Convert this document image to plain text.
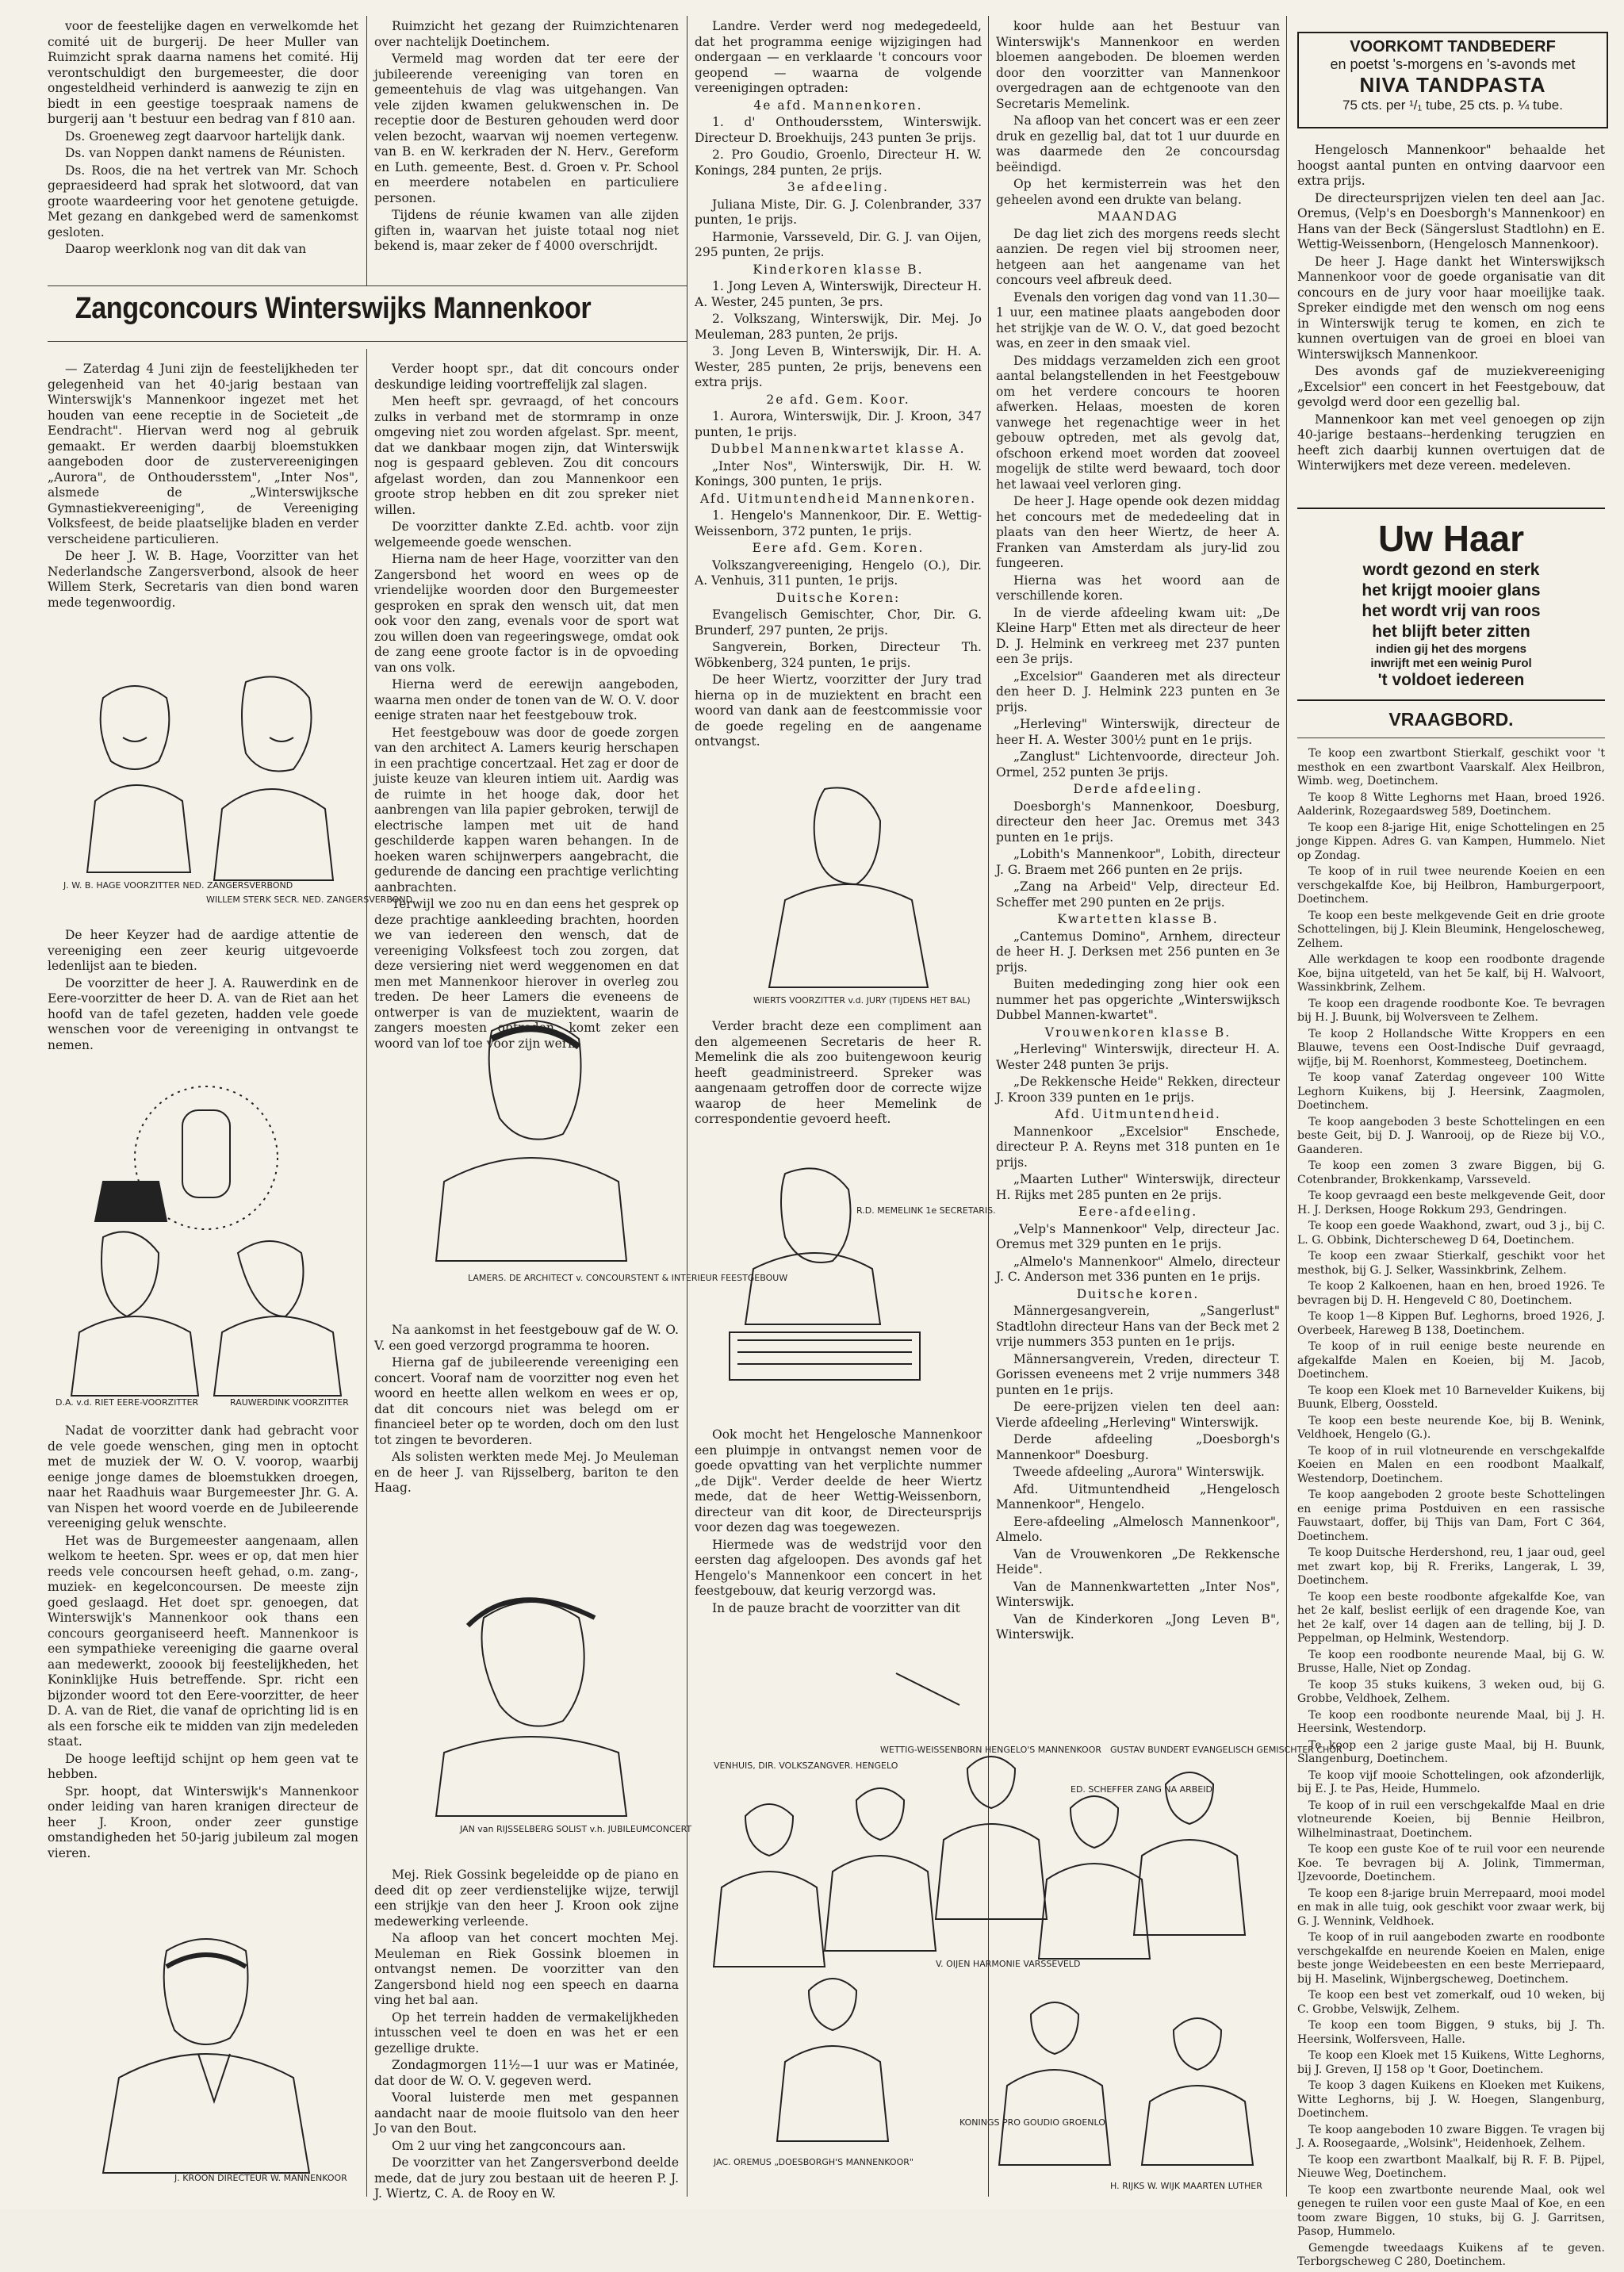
voor de feestelijke dagen en verwelkomde het comité uit de burgerij. De heer Muller van Ruimzicht sprak daarna namens het comité. Hij verontschuldigt den burgemeester, die door ongesteldheid verhinderd is aanwezig te zijn en biedt in een geestige toespraak namens de burgerij aan 't bestuur een bedrag van f 810 aan.

Ds. Groeneweg zegt daarvoor hartelijk dank.

Ds. van Noppen dankt namens de Réunisten.

Ds. Roos, die na het vertrek van Mr. Schoch gepraesideerd had sprak het slotwoord, dat van groote waardeering voor het genotene getuigde. Met gezang en dankgebed werd de samenkomst gesloten.

Daarop weerklonk nog van dit dak van

Ruimzicht het gezang der Ruimzichtenaren over nachtelijk Doetinchem.

Vermeld mag worden dat ter eere der jubileerende vereeniging van toren en gemeentehuis de vlag was uitgehangen. Van vele zijden kwamen gelukwenschen in. De receptie door de Besturen gehouden werd door velen bezocht, waarvan wij noemen vertegenw. van B. en W. kerkraden der N. Herv., Gereform en Luth. gemeente, Best. d. Groen v. Pr. School en meerdere notabelen en particuliere personen.

Tijdens de réunie kwamen van alle zijden giften in, waarvan het juiste totaal nog niet bekend is, maar zeker de f 4000 overschrijdt.

Zangconcours Winterswijks Mannenkoor

— Zaterdag 4 Juni zijn de feestelijkheden ter gelegenheid van het 40-jarig bestaan van Winterswijk's Mannenkoor ingezet met het houden van eene receptie in de Societeit „de Eendracht". Hiervan werd nog al gebruik gemaakt. Er werden daarbij bloemstukken aangeboden door de zustervereenigingen „Aurora", de Onthoudersstem", „Inter Nos", alsmede de „Winterswijksche Gymnastiekvereeniging", de Vereeniging Volksfeest, de beide plaatselijke bladen en verder verscheidene particulieren.

De heer J. W. B. Hage, Voorzitter van het Nederlandsche Zangersverbond, alsook de heer Willem Sterk, Secretaris van dien bond waren mede tegenwoordig.

J. W. B. HAGE VOORZITTER NED. ZANGERSVERBOND
WILLEM STERK SECR. NED. ZANGERSVERBOND

De heer Keyzer had de aardige attentie de vereeniging een zeer keurig uitgevoerde ledenlijst aan te bieden.

De voorzitter de heer J. A. Rauwerdink en de Eere-voorzitter de heer D. A. van de Riet aan het hoofd van de tafel gezeten, hadden vele goede wenschen voor de vereeniging in ontvangst te nemen.

D.A. v.d. RIET EERE-VOORZITTER	RAUWERDINK VOORZITTER

Nadat de voorzitter dank had gebracht voor de vele goede wenschen, ging men in optocht met de muziek der W. O. V. voorop, waarbij eenige jonge dames de bloemstukken droegen, naar het Raadhuis waar Burgemeester Jhr. G. A. van Nispen het woord voerde en de Jubileerende vereeniging geluk wenschte.

Het was de Burgemeester aangenaam, allen welkom te heeten. Spr. wees er op, dat men hier reeds vele concoursen heeft gehad, o.m. zang-, muziek- en kegelconcoursen. De meeste zijn goed geslaagd. Het doet spr. genoegen, dat Winterswijk's Mannenkoor ook thans een concours georganiseerd heeft. Mannenkoor is een sympathieke vereeniging die gaarne overal aan medewerkt, zooook bij feestelijkheden, het Koninklijke Huis betreffende. Spr. richt een bijzonder woord tot den Eere-voorzitter, de heer D. A. van de Riet, die vanaf de oprichting lid is en als een forsche eik te midden van zijn medeleden staat.

De hooge leeftijd schijnt op hem geen vat te hebben.

Spr. hoopt, dat Winterswijk's Mannenkoor onder leiding van haren kranigen directeur de heer J. Kroon, onder zeer gunstige omstandigheden het 50-jarig jubileum zal mogen vieren.

J. KROON DIRECTEUR W. MANNENKOOR

Verder hoopt spr., dat dit concours onder deskundige leiding voortreffelijk zal slagen.

Men heeft spr. gevraagd, of het concours zulks in verband met de stormramp in onze omgeving niet zou worden afgelast. Spr. meent, dat we dankbaar mogen zijn, dat Winterswijk nog is gespaard gebleven. Zou dit concours afgelast worden, dan zou Mannenkoor een groote strop hebben en dit zou spreker niet willen.

De voorzitter dankte Z.Ed. achtb. voor zijn welgemeende goede wenschen.

Hierna nam de heer Hage, voorzitter van den Zangersbond het woord en wees op de vriendelijke woorden door den Burgemeester gesproken en sprak den wensch uit, dat men ook voor den zang, evenals voor de sport wat zou willen doen van regeeringswege, omdat ook de zang eene groote factor is in de opvoeding van ons volk.

Hierna werd de eerewijn aangeboden, waarna men onder de tonen van de W. O. V. door eenige straten naar het feestgebouw trok.

Het feestgebouw was door de goede zorgen van den architect A. Lamers keurig herschapen in een prachtige concertzaal. Het zag er door de juiste keuze van kleuren intiem uit. Aardig was de ruimte in het hooge dak, door het aanbrengen van lila papier gebroken, terwijl de electrische lampen met uit de hand geschilderde kappen waren behangen. In de hoeken waren schijnwerpers aangebracht, die gedurende de dancing een prachtige verlichting aanbrachten.

Terwijl we zoo nu en dan eens het gesprek op deze prachtige aankleeding brachten, hoorden we van iedereen den wensch, dat de vereeniging Volksfeest toch zou zorgen, dat deze versiering niet werd weggenomen en dat men met Mannenkoor hierover in overleg zou treden. De heer Lamers die eveneens de ontwerper is van de muziektent, waarin de zangers moesten optreden, komt zeker een woord van lof toe voor zijn werk.

LAMERS. DE ARCHITECT v. CONCOURSTENT & INTERIEUR FEESTGEBOUW

Na aankomst in het feestgebouw gaf de W. O. V. een goed verzorgd programma te hooren.

Hierna gaf de jubileerende vereeniging een concert. Vooraf nam de voorzitter nog even het woord en heette allen welkom en wees er op, dat dit concours niet was belegd om er financieel beter op te worden, doch om den lust tot zingen te bevorderen.

Als solisten werkten mede Mej. Jo Meuleman en de heer J. van Rijsselberg, bariton te den Haag.

JAN van RIJSSELBERG SOLIST v.h. JUBILEUMCONCERT

Mej. Riek Gossink begeleidde op de piano en deed dit op zeer verdienstelijke wijze, terwijl een strijkje van den heer J. Kroon ook zijne medewerking verleende.

Na afloop van het concert mochten Mej. Meuleman en Riek Gossink bloemen in ontvangst nemen. De voorzitter van den Zangersbond hield nog een speech en daarna ving het bal aan.

Op het terrein hadden de vermakelijkheden intusschen veel te doen en was het er een gezellige drukte.

Zondagmorgen 11½—1 uur was er Matinée, dat door de W. O. V. gegeven werd.

Vooral luisterde men met gespannen aandacht naar de mooie fluitsolo van den heer Jo van den Bout.

Om 2 uur ving het zangconcours aan.

De voorzitter van het Zangersverbond deelde mede, dat de jury zou bestaan uit de heeren P. J. J. Wiertz, C. A. de Rooy en W.

Landre. Verder werd nog medegedeeld, dat het programma eenige wijzigingen had ondergaan — en verklaarde 't concours voor geopend — waarna de volgende vereenigingen optraden:

4e afd. Mannenkoren.

1. d' Onthoudersstem, Winterswijk. Directeur D. Broekhuijs, 243 punten 3e prijs.

2. Pro Goudio, Groenlo, Directeur H. W. Konings, 284 punten, 2e prijs.

3e afdeeling.

Juliana Miste, Dir. G. J. Colenbrander, 337 punten, 1e prijs.

Harmonie, Varsseveld, Dir. G. J. van Oijen, 295 punten, 2e prijs.

Kinderkoren klasse B.

1. Jong Leven A, Winterswijk, Directeur H. A. Wester, 245 punten, 3e prs.

2. Volkszang, Winterswijk, Dir. Mej. Jo Meuleman, 283 punten, 2e prijs.

3. Jong Leven B, Winterswijk, Dir. H. A. Wester, 285 punten, 2e prijs, benevens een extra prijs.

2e afd. Gem. Koor.

1. Aurora, Winterswijk, Dir. J. Kroon, 347 punten, 1e prijs.

Dubbel Mannenkwartet klasse A.

„Inter Nos", Winterswijk, Dir. H. W. Konings, 300 punten, 1e prijs.

Afd. Uitmuntendheid Mannenkoren.

1. Hengelo's Mannenkoor, Dir. E. Wettig-Weissenborn, 372 punten, 1e prijs.

Eere afd. Gem. Koren.

Volkszangvereeniging, Hengelo (O.), Dir. A. Venhuis, 311 punten, 1e prijs.

Duitsche Koren:

Evangelisch Gemischter, Chor, Dir. G. Brunderf, 297 punten, 2e prijs.

Sangverein, Borken, Directeur Th. Wöbkenberg, 324 punten, 1e prijs.

De heer Wiertz, voorzitter der Jury trad hierna op in de muziektent en bracht een woord van dank aan de feestcommissie voor de goede regeling en de aangename ontvangst.

WIERTS VOORZITTER v.d. JURY (TIJDENS HET BAL)

Verder bracht deze een compliment aan den algemeenen Secretaris de heer R. Memelink die als zoo buitengewoon keurig heeft geadministreerd. Spreker was aangenaam getroffen door de correcte wijze waarop de heer Memelink de correspondentie gevoerd heeft.

R.D. MEMELINK 1e SECRETARIS.

Ook mocht het Hengelosche Mannenkoor een pluimpje in ontvangst nemen voor de goede opvatting van het verplichte nummer „de Dijk". Verder deelde de heer Wiertz mede, dat de heer Wettig-Weissenborn, directeur van dit koor, de Directeursprijs voor dezen dag was toegewezen.

Hiermede was de wedstrijd voor den eersten dag afgeloopen. Des avonds gaf het Hengelo's Mannenkoor een concert in het feestgebouw, dat keurig verzorgd was.

In de pauze bracht de voorzitter van dit

VENHUIS, DIR. VOLKSZANGVER. HENGELO
WETTIG-WEISSENBORN HENGELO'S MANNENKOOR GUSTAV BUNDERT EVANGELISCH GEMISCHTER CHOR
ED. SCHEFFER ZANG NA ARBEID
V. OIJEN HARMONIE VARSSEVELD
JAC. OREMUS „DOESBORGH'S MANNENKOOR"
KONINGS PRO GOUDIO GROENLO
H. RIJKS W. WIJK MAARTEN LUTHER

koor hulde aan het Bestuur van Winterswijk's Mannenkoor en werden bloemen aangeboden. De bloemen werden door den voorzitter van Mannenkoor overgedragen aan de echtgenoote van den Secretaris Memelink.

Na afloop van het concert was er een zeer druk en gezellig bal, dat tot 1 uur duurde en was daarmede den 2e concoursdag beëindigd.

Op het kermisterrein was het den geheelen avond een drukte van belang.

MAANDAG

De dag liet zich des morgens reeds slecht aanzien. De regen viel bij stroomen neer, hetgeen aan het aangename van het concours veel afbreuk deed.

Evenals den vorigen dag vond van 11.30—1 uur, een matinee plaats aangeboden door het strijkje van de W. O. V., dat goed bezocht was, en zeer in den smaak viel.

Des middags verzamelden zich een groot aantal belangstellenden in het Feestgebouw om het verdere concours te hooren afwerken. Helaas, moesten de koren vanwege het regenachtige weer in het gebouw optreden, met als gevolg dat, ofschoon erkend moet worden dat zooveel mogelijk de stilte werd bewaard, toch door het lawaai veel verloren ging.

De heer J. Hage opende ook dezen middag het concours met de mededeeling dat in plaats van den heer Wiertz, de heer A. Franken van Amsterdam als jury-lid zou fungeeren.

Hierna was het woord aan de verschillende koren.

In de vierde afdeeling kwam uit: „De Kleine Harp" Etten met als directeur de heer D. J. Helmink en verkreeg met 237 punten een 3e prijs.

„Excelsior" Gaanderen met als directeur den heer D. J. Helmink 223 punten en 3e prijs.

„Herleving" Winterswijk, directeur de heer H. A. Wester 300½ punt en 1e prijs.

„Zanglust" Lichtenvoorde, directeur Joh. Ormel, 252 punten 3e prijs.

Derde afdeeling.

Doesborgh's Mannenkoor, Doesburg, directeur den heer Jac. Oremus met 343 punten en 1e prijs.

„Lobith's Mannenkoor", Lobith, directeur J. G. Braem met 266 punten en 2e prijs.

„Zang na Arbeid" Velp, directeur Ed. Scheffer met 290 punten en 2e prijs.

Kwartetten klasse B.

„Cantemus Domino", Arnhem, directeur de heer H. J. Derksen met 256 punten en 3e prijs.

Buiten mededinging zong hier ook een nummer het pas opgerichte „Winterswijksch Dubbel Mannen-kwartet".

Vrouwenkoren klasse B.

„Herleving" Winterswijk, directeur H. A. Wester 248 punten 3e prijs.

„De Rekkensche Heide" Rekken, directeur J. Kroon 339 punten en 1e prijs.

Afd. Uitmuntendheid.

Mannenkoor „Excelsior" Enschede, directeur P. A. Reyns met 318 punten en 1e prijs.

„Maarten Luther" Winterswijk, directeur H. Rijks met 285 punten en 2e prijs.

Eere-afdeeling.

„Velp's Mannenkoor" Velp, directeur Jac. Oremus met 329 punten en 1e prijs.

„Almelo's Mannenkoor" Almelo, directeur J. C. Anderson met 336 punten en 1e prijs.

Duitsche koren.

Männergesangverein, „Sangerlust" Stadtlohn directeur Hans van der Beck met 2 vrije nummers 353 punten en 1e prijs.

Männersangverein, Vreden, directeur T. Gorissen eveneens met 2 vrije nummers 348 punten en 1e prijs.

De eere-prijzen vielen ten deel aan: Vierde afdeeling „Herleving" Winterswijk.

Derde afdeeling „Doesborgh's Mannenkoor" Doesburg.

Tweede afdeeling „Aurora" Winterswijk.

Afd. Uitmuntendheid „Hengelosch Mannenkoor", Hengelo.

Eere-afdeeling „Almelosch Mannenkoor", Almelo.

Van de Vrouwenkoren „De Rekkensche Heide".

Van de Mannenkwartetten „Inter Nos", Winterswijk.

Van de Kinderkoren „Jong Leven B", Winterswijk.

VOORKOMT TANDBEDERF
en poetst 's-morgens en 's-avonds met
NIVA TANDPASTA
75 cts. per ¹/₁ tube, 25 cts. p. ¼ tube.

Hengelosch Mannenkoor" behaalde het hoogst aantal punten en ontving daarvoor een extra prijs.

De directeursprijzen vielen ten deel aan Jac. Oremus, (Velp's en Doesborgh's Mannenkoor) en Hans van der Beck (Sängerslust Stadtlohn) en E. Wettig-Weissenborn, (Hengelosch Mannenkoor).

De heer J. Hage dankt het Winterswijksch Mannenkoor voor de goede organisatie van dit concours en de jury voor haar moeilijke taak. Spreker eindigde met den wensch om nog eens in Winterswijk terug te komen, en zich te kunnen overtuigen van de groei en bloei van Winterswijksch Mannenkoor.

Des avonds gaf de muziekvereeniging „Excelsior" een concert in het Feestgebouw, dat gevolgd werd door een gezellig bal.

Mannenkoor kan met veel genoegen op zijn 40-jarige bestaans--herdenking terugzien en heeft zich daarbij kunnen overtuigen dat de Winterwijkers met deze vereen. medeleven.

Uw Haar
wordt gezond en sterk
het krijgt mooier glans
het wordt vrij van roos
het blijft beter zitten
indien gij het des morgens
inwrijft met een weinig Purol
't voldoet iedereen
VRAAGBORD.

Te koop een zwartbont Stierkalf, geschikt voor 't mesthok en een zwartbont Vaarskalf. Alex Heilbron, Wimb. weg, Doetinchem.

Te koop 8 Witte Leghorns met Haan, broed 1926. Aalderink, Rozegaardsweg 589, Doetinchem.

Te koop een 8-jarige Hit, enige Schottelingen en 25 jonge Kippen. Adres G. van Kampen, Hummelo. Niet op Zondag.

Te koop of in ruil twee neurende Koeien en een verschgekalfde Koe, bij Heilbron, Hamburgerpoort, Doetinchem.

Te koop een beste melkgevende Geit en drie groote Schottelingen, bij J. Klein Bleumink, Hengeloscheweg, Zelhem.

Alle werkdagen te koop een roodbonte dragende Koe, bijna uitgeteld, van het 5e kalf, bij H. Walvoort, Wassinkbrink, Zelhem.

Te koop een dragende roodbonte Koe. Te bevragen bij H. J. Buunk, bij Wolversveen te Zelhem.

Te koop 2 Hollandsche Witte Kroppers en een Blauwe, tevens een Oost-Indische Duif gevraagd, wijfje, bij M. Roenhorst, Kommesteeg, Doetinchem.

Te koop vanaf Zaterdag ongeveer 100 Witte Leghorn Kuikens, bij J. Heersink, Zaagmolen, Doetinchem.

Te koop aangeboden 3 beste Schottelingen en een beste Geit, bij D. J. Wanrooij, op de Rieze bij V.O., Gaanderen.

Te koop een zomen 3 zware Biggen, bij G. Cotenbrander, Brokkenkamp, Varsseveld.

Te koop gevraagd een beste melkgevende Geit, door H. J. Derksen, Hooge Rokkum 293, Gendringen.

Te koop een goede Waakhond, zwart, oud 3 j., bij C. L. G. Obbink, Dichterscheweg D 64, Doetinchem.

Te koop een zwaar Stierkalf, geschikt voor het mesthok, bij G. J. Selker, Wassinkbrink, Zelhem.

Te koop 2 Kalkoenen, haan en hen, broed 1926. Te bevragen bij D. H. Hengeveld C 80, Doetinchem.

Te koop 1—8 Kippen Buf. Leghorns, broed 1926, J. Overbeek, Hareweg B 138, Doetinchem.

Te koop of in ruil eenige beste neurende en afgekalfde Malen en Koeien, bij M. Jacob, Doetinchem.

Te koop een Kloek met 10 Barnevelder Kuikens, bij Buunk, Elberg, Oossteld.

Te koop een beste neurende Koe, bij B. Wenink, Veldhoek, Hengelo (G.).

Te koop of in ruil vlotneurende en verschgekalfde Koeien en Malen en een roodbont Maalkalf, Westendorp, Doetinchem.

Te koop aangeboden 2 groote beste Schottelingen en eenige prima Postduiven en een rassische Fauwstaart, doffer, bij Thijs van Dam, Fort C 364, Doetinchem.

Te koop Duitsche Herdershond, reu, 1 jaar oud, geel met zwart kop, bij R. Freriks, Langerak, L 39, Doetinchem.

Te koop een beste roodbonte afgekalfde Koe, van het 2e kalf, beslist eerlijk of een dragende Koe, van het 2e kalf, over 14 dagen aan de telling, bij J. D. Peppelman, op Helmink, Westendorp.

Te koop een roodbonte neurende Maal, bij G. W. Brusse, Halle, Niet op Zondag.

Te koop 35 stuks kuikens, 3 weken oud, bij G. Grobbe, Veldhoek, Zelhem.

Te koop een roodbonte neurende Maal, bij J. H. Heersink, Westendorp.

Te koop een 2 jarige guste Maal, bij H. Buunk, Slangenburg, Doetinchem.

Te koop vijf mooie Schottelingen, ook afzonderlijk, bij E. J. te Pas, Heide, Hummelo.

Te koop of in ruil een verschgekalfde Maal en drie vlotneurende Koeien, bij Bennie Heilbron, Wilhelminastraat, Doetinchem.

Te koop een guste Koe of te ruil voor een neurende Koe. Te bevragen bij A. Jolink, Timmerman, IJzevoorde, Doetinchem.

Te koop een 8-jarige bruin Merrepaard, mooi model en mak in alle tuig, ook geschikt voor zwaar werk, bij G. J. Wennink, Veldhoek.

Te koop of in ruil aangeboden zwarte en roodbonte verschgekalfde en neurende Koeien en Malen, enige beste jonge Weidebeesten en een beste Merriepaard, bij H. Maselink, Wijnbergscheweg, Doetinchem.

Te koop een best vet zomerkalf, oud 10 weken, bij C. Grobbe, Velswijk, Zelhem.

Te koop een toom Biggen, 9 stuks, bij J. Th. Heersink, Wolfersveen, Halle.

Te koop een Kloek met 15 Kuikens, Witte Leghorns, bij J. Greven, IJ 158 op 't Goor, Doetinchem.

Te koop 3 dagen Kuikens en Kloeken met Kuikens, Witte Leghorns, bij J. W. Hoegen, Slangenburg, Doetinchem.

Te koop aangeboden 10 zware Biggen. Te vragen bij J. A. Roosegaarde, „Wolsink", Heidenhoek, Zelhem.

Te koop een zwartbont Maalkalf, bij R. F. B. Pijpel, Nieuwe Weg, Doetinchem.

Te koop een zwartbonte neurende Maal, ook wel genegen te ruilen voor een guste Maal of Koe, en een toom zware Biggen, 10 stuks, bij G. J. Garritsen, Pasop, Hummelo.

Gemengde tweedaags Kuikens af te geven. Terborgscheweg C 280, Doetinchem.
